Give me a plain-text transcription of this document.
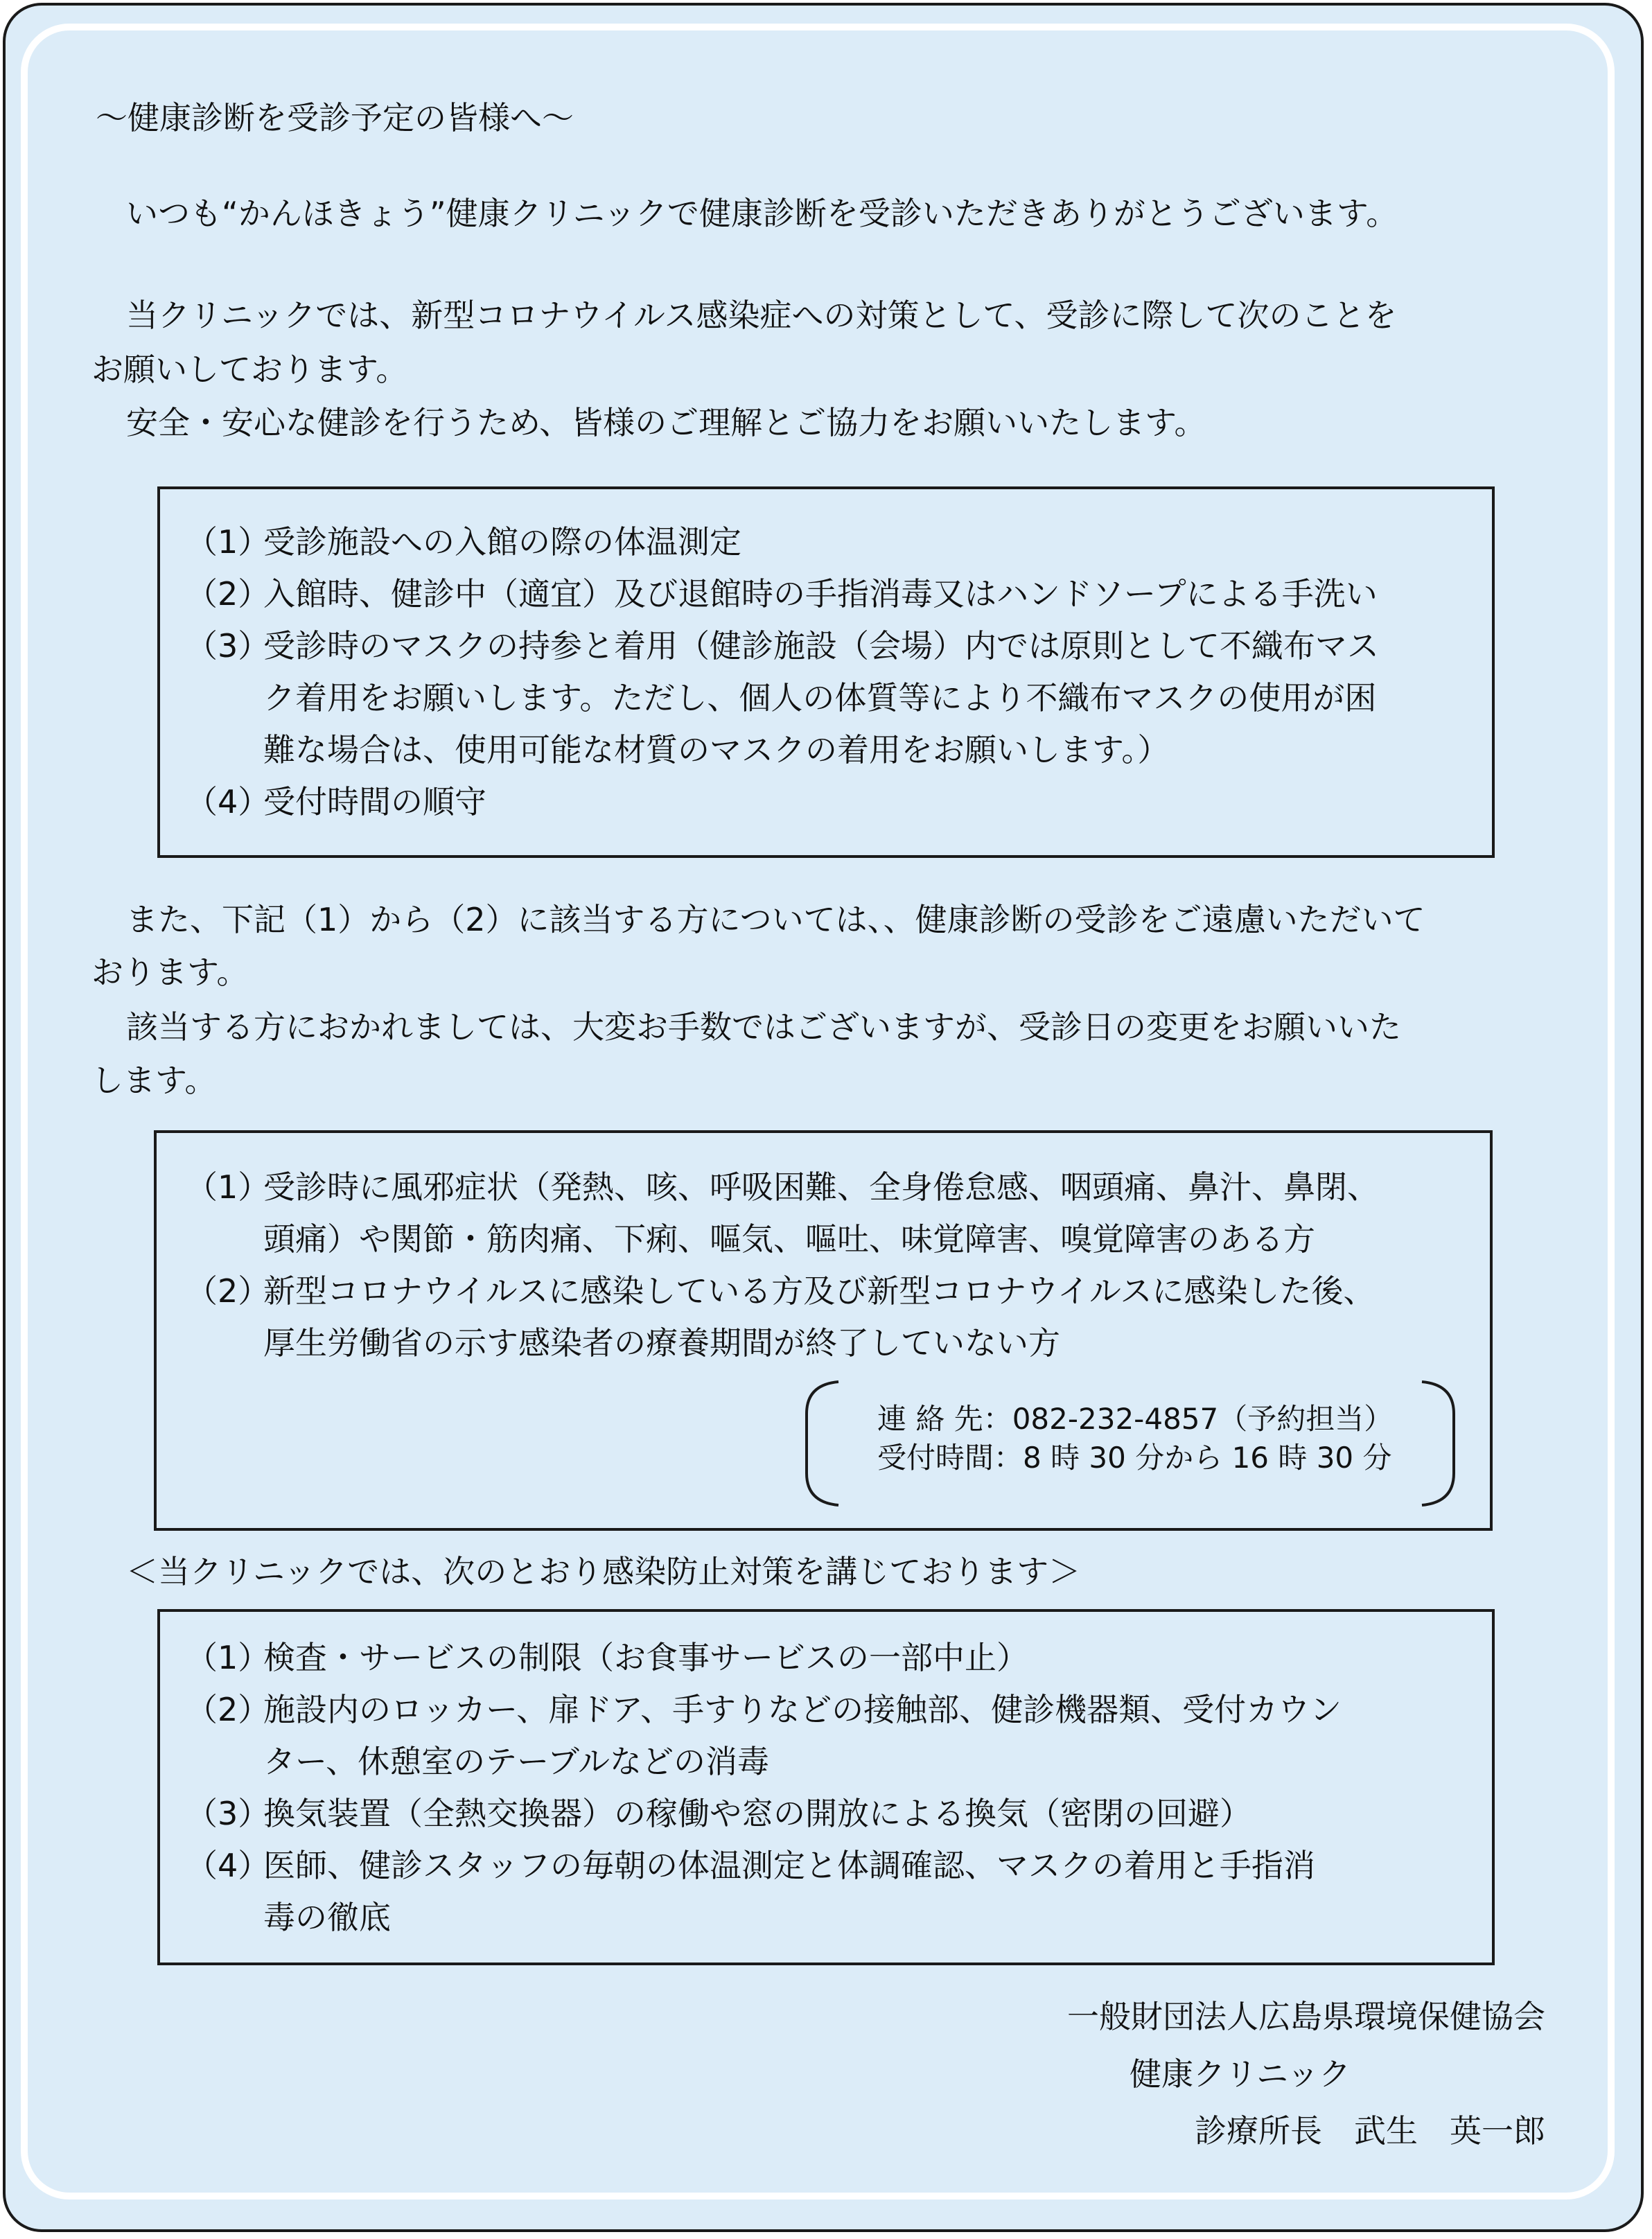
～健康診断を受診予定の皆様へ～
いつも“かんほきょう”健康クリニックで健康診断を受診いただきありがとうございます。
当クリニックでは、新型コロナウイルス感染症への対策として、受診に際して次のことを
お願いしております。
安全・安心な健診を行うため、皆様のご理解とご協力をお願いいたします。
（1）
受診施設への入館の際の体温測定
（2）
入館時、健診中（適宜）及び退館時の手指消毒又はハンドソープによる手洗い
（3）
受診時のマスクの持参と着用（健診施設（会場）内では原則として不織布マス
ク着用をお願いします。ただし、個人の体質等により不織布マスクの使用が困
難な場合は、使用可能な材質のマスクの着用をお願いします。）
（4）
受付時間の順守
また、下記（1）から（2）に該当する方については、、健康診断の受診をご遠慮いただいて
おります。
該当する方におかれましては、大変お手数ではございますが、受診日の変更をお願いいた
します。
（1）
受診時に風邪症状（発熱、咳、呼吸困難、全身倦怠感、咽頭痛、鼻汁、鼻閉、
頭痛）や関節・筋肉痛、下痢、嘔気、嘔吐、味覚障害、嗅覚障害のある方
（2）
新型コロナウイルスに感染している方及び新型コロナウイルスに感染した後、
厚生労働省の示す感染者の療養期間が終了していない方
連 絡 先：082-232-4857（予約担当）
受付時間：8 時 30 分から 16 時 30 分
＜当クリニックでは、次のとおり感染防止対策を講じております＞
（1）
検査・サービスの制限（お食事サービスの一部中止）
（2）
施設内のロッカー、扉ドア、手すりなどの接触部、健診機器類、受付カウン
ター、休憩室のテーブルなどの消毒
（3）
換気装置（全熱交換器）の稼働や窓の開放による換気（密閉の回避）
（4）
医師、健診スタッフの毎朝の体温測定と体調確認、マスクの着用と手指消
毒の徹底
一般財団法人広島県環境保健協会
健康クリニック
診療所長　武生　英一郎
